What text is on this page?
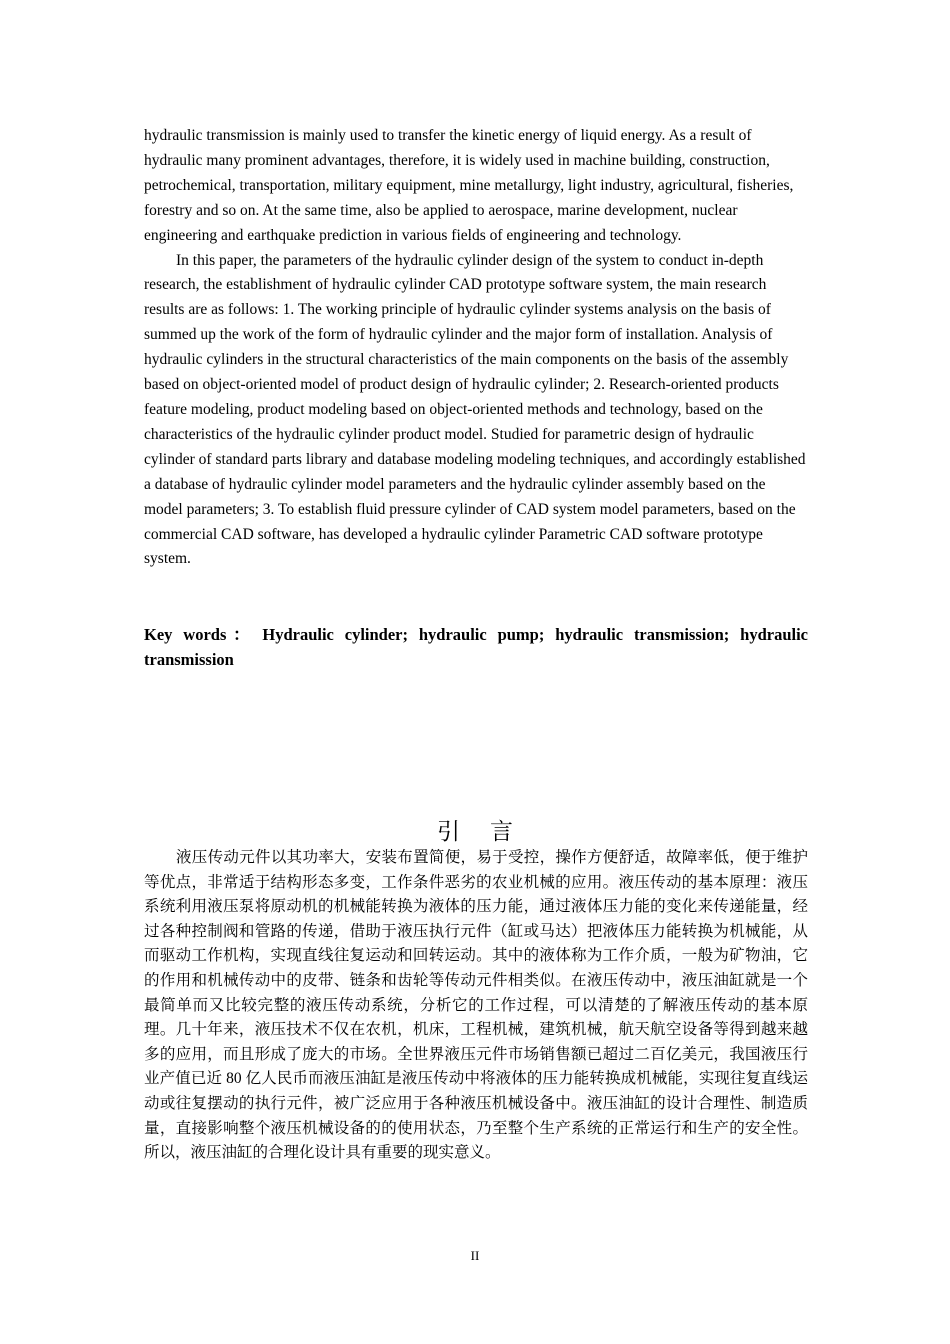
hydraulic transmission is mainly used to transfer the kinetic energy of liquid energy. As a result of hydraulic many prominent advantages, therefore, it is widely used in machine building, construction, petrochemical, transportation, military equipment, mine metallurgy, light industry, agricultural, fisheries, forestry and so on. At the same time, also be applied to aerospace, marine development, nuclear engineering and earthquake prediction in various fields of engineering and technology.

In this paper, the parameters of the hydraulic cylinder design of the system to conduct in-depth research, the establishment of hydraulic cylinder CAD prototype software system, the main research results are as follows: 1. The working principle of hydraulic cylinder systems analysis on the basis of summed up the work of the form of hydraulic cylinder and the major form of installation. Analysis of hydraulic cylinders in the structural characteristics of the main components on the basis of the assembly based on object-oriented model of product design of hydraulic cylinder; 2. Research-oriented products feature modeling, product modeling based on object-oriented methods and technology, based on the characteristics of the hydraulic cylinder product model. Studied for parametric design of hydraulic cylinder of standard parts library and database modeling modeling techniques, and accordingly established a database of hydraulic cylinder model parameters and the hydraulic cylinder assembly based on the model parameters; 3. To establish fluid pressure cylinder of CAD system model parameters, based on the commercial CAD software, has developed a hydraulic cylinder Parametric CAD software prototype system.

Key words： Hydraulic cylinder; hydraulic pump; hydraulic transmission; hydraulic transmission
引言

液压传动元件以其功率大，安装布置简便，易于受控，操作方便舒适，故障率低，便于维护等优点，非常适于结构形态多变，工作条件恶劣的农业机械的应用。液压传动的基本原理：液压系统利用液压泵将原动机的机械能转换为液体的压力能，通过液体压力能的变化来传递能量，经过各种控制阀和管路的传递，借助于液压执行元件（缸或马达）把液体压力能转换为机械能，从而驱动工作机构，实现直线往复运动和回转运动。其中的液体称为工作介质，一般为矿物油，它的作用和机械传动中的皮带、链条和齿轮等传动元件相类似。在液压传动中，液压油缸就是一个最简单而又比较完整的液压传动系统，分析它的工作过程，可以清楚的了解液压传动的基本原理。几十年来，液压技术不仅在农机，机床，工程机械，建筑机械，航天航空设备等得到越来越多的应用，而且形成了庞大的市场。全世界液压元件市场销售额已超过二百亿美元，我国液压行业产值已近 80 亿人民币而液压油缸是液压传动中将液体的压力能转换成机械能，实现往复直线运动或往复摆动的执行元件，被广泛应用于各种液压机械设备中。液压油缸的设计合理性、制造质量，直接影响整个液压机械设备的的使用状态，乃至整个生产系统的正常运行和生产的安全性。所以，液压油缸的合理化设计具有重要的现实意义。

II
